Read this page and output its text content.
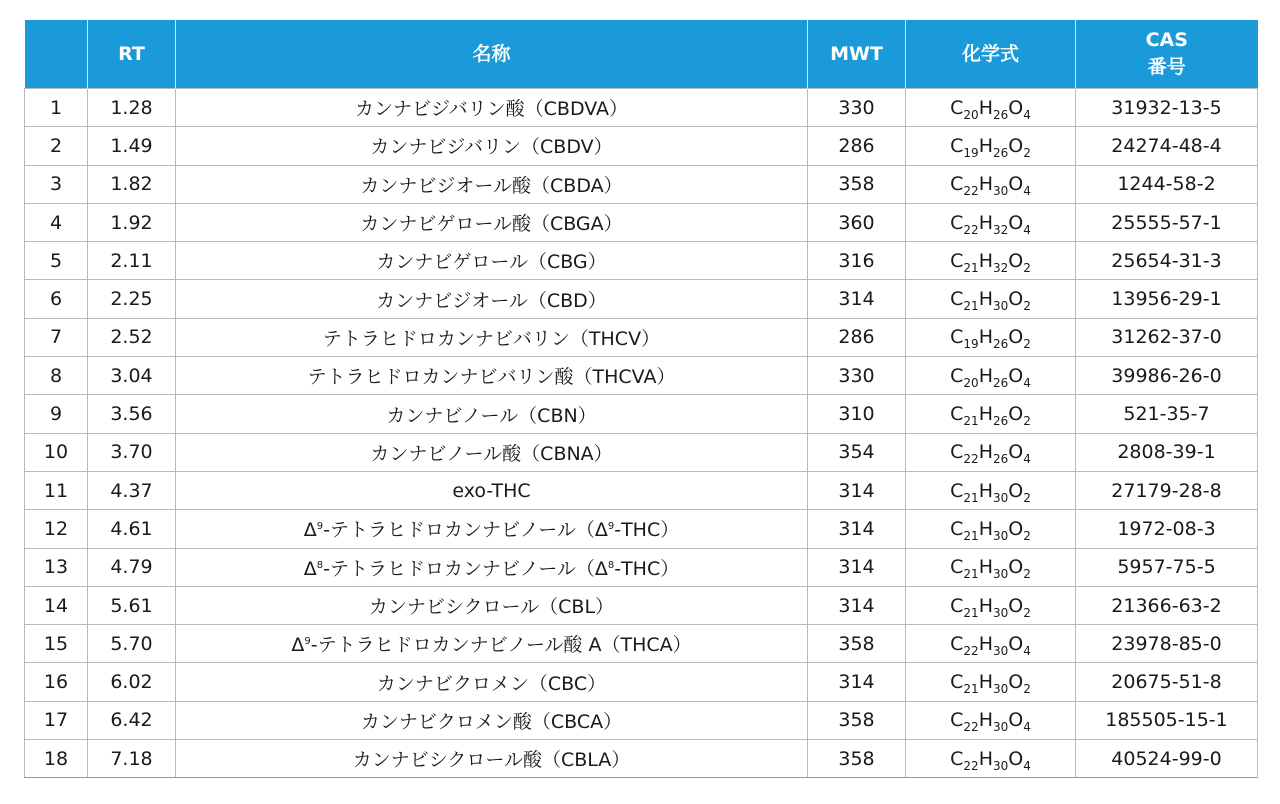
	RT	名称	MWT	化学式	CAS
番号

1	1.28	カンナビジバリン酸（CBDVA）	330	$C_{20}H_{26}O_4$	31932-13-5
2	1.49	カンナビジバリン（CBDV）	286	$C_{19}H_{26}O_2$	24274-48-4
3	1.82	カンナビジオール酸（CBDA）	358	$C_{22}H_{30}O_4$	1244-58-2
4	1.92	カンナビゲロール酸（CBGA）	360	$C_{22}H_{32}O_4$	25555-57-1
5	2.11	カンナビゲロール（CBG）	316	$C_{21}H_{32}O_2$	25654-31-3
6	2.25	カンナビジオール（CBD）	314	$C_{21}H_{30}O_2$	13956-29-1
7	2.52	テトラヒドロカンナビバリン（THCV）	286	$C_{19}H_{26}O_2$	31262-37-0
8	3.04	テトラヒドロカンナビバリン酸（THCVA）	330	$C_{20}H_{26}O_4$	39986-26-0
9	3.56	カンナビノール（CBN）	310	$C_{21}H_{26}O_2$	521-35-7
10	3.70	カンナビノール酸（CBNA）	354	$C_{22}H_{26}O_4$	2808-39-1
11	4.37	exo-THC	314	$C_{21}H_{30}O_2$	27179-28-8
12	4.61	$\Delta^9-$テトラヒドロカンナビノール$(\Delta^9-THC)$	314	$C_{21}H_{30}O_2$	1972-08-3
13	4.79	$\Delta^8-$テトラヒドロカンナビノール$(\Delta^8-THC)$	314	$C_{21}H_{30}O_2$	5957-75-5
14	5.61	カンナビシクロール（CBL）	314	$C_{21}H_{30}O_2$	21366-63-2
15	5.70	$\Delta^9-$テトラヒドロカンナビノール酸 A（THCA）	358	$C_{22}H_{30}O_4$	23978-85-0
16	6.02	カンナビクロメン（CBC）	314	$C_{21}H_{30}O_2$	20675-51-8
17	6.42	カンナビクロメン酸（CBCA）	358	$C_{22}H_{30}O_4$	185505-15-1
18	7.18	カンナビシクロール酸（CBLA）	358	$C_{22}H_{30}O_4$	40524-99-0
